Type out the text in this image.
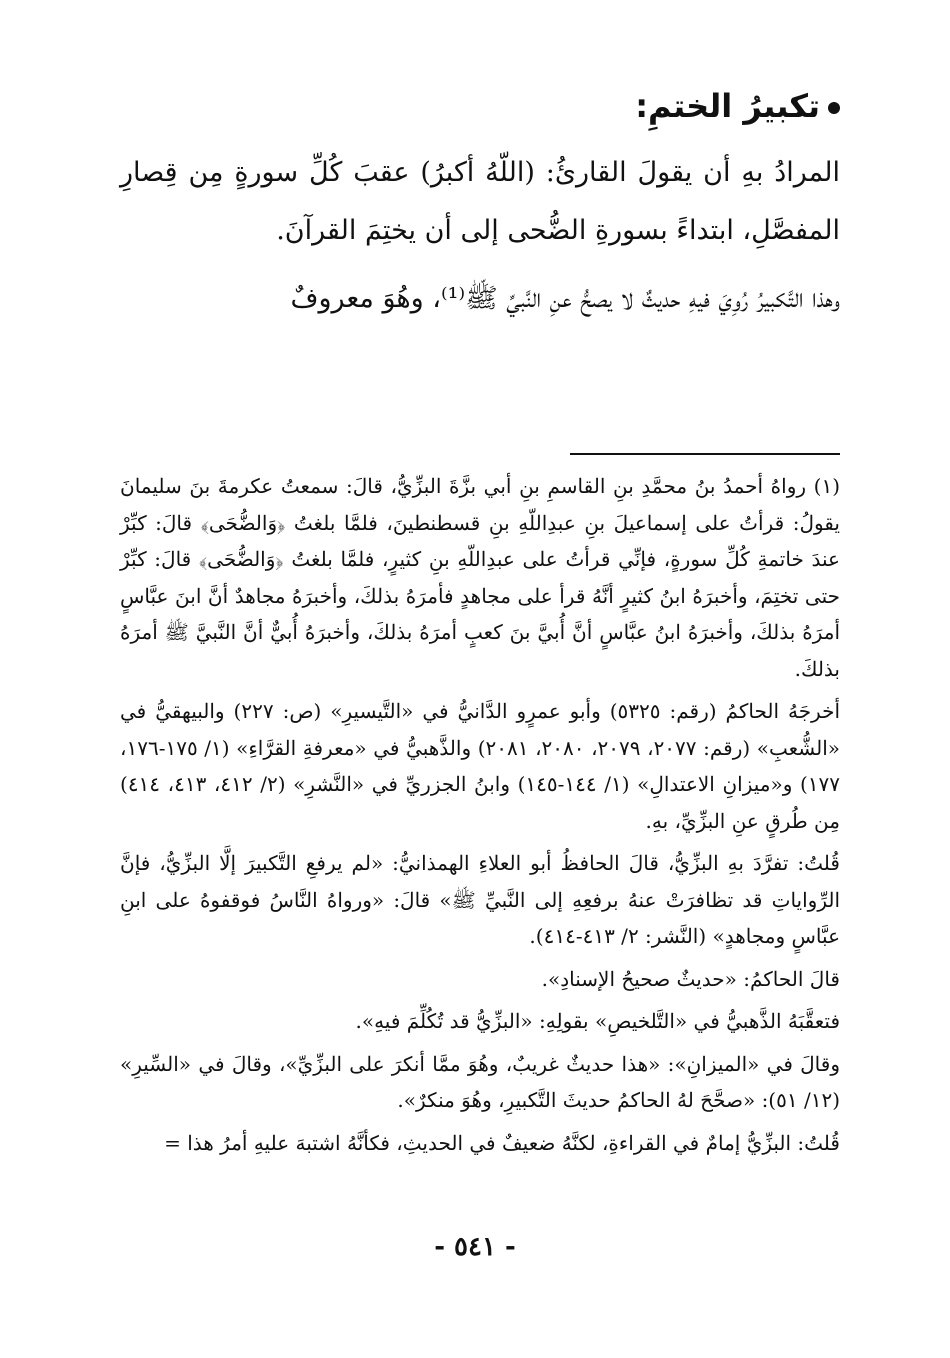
تكبيرُ الختمِ:

المرادُ بهِ أن يقولَ القارئُ: (اللّهُ أكبرُ) عقبَ كُلِّ سورةٍ مِن قِصارِ المفصَّلِ، ابتداءً بسورةِ الضُّحى إلى أن يختِمَ القرآنَ.

وهذا التَّكبيرُ رُوِيَ فيهِ حديثٌ لا يصحُّ عنِ النَّبيِّ ﷺ⁽¹⁾، وهُوَ معروفٌ

(١) رواهُ أحمدُ بنُ محمَّدِ بنِ القاسمِ بنِ أبي بزَّةَ البزِّيُّ، قالَ: سمعتُ عكرمةَ بنَ سليمانَ يقولُ: قرأتُ على إسماعيلَ بنِ عبدِاللّهِ بنِ قسطنطينَ، فلمَّا بلغتُ ﴿وَالضُّحَى﴾ قالَ: كبِّرْ عندَ خاتمةِ كُلِّ سورةٍ، فإنِّي قرأتُ على عبدِاللّهِ بنِ كثيرٍ، فلمَّا بلغتُ ﴿وَالضُّحَى﴾ قالَ: كبِّرْ حتى تختِمَ، وأخبرَهُ ابنُ كثيرٍ أنَّهُ قرأ على مجاهدٍ فأمرَهُ بذلكَ، وأخبرَهُ مجاهدٌ أنَّ ابنَ عبَّاسٍ أمرَهُ بذلكَ، وأخبرَهُ ابنُ عبَّاسٍ أنَّ أُبيَّ بنَ كعبٍ أمرَهُ بذلكَ، وأخبرَهُ أُبيٌّ أنَّ النَّبيَّ ﷺ أمرَهُ بذلكَ.

أخرجَهُ الحاكمُ (رقم: ٥٣٢٥) وأبو عمرٍو الدَّانيُّ في «التَّيسيرِ» (ص: ٢٢٧) والبيهقيُّ في «الشُّعبِ» (رقم: ٢٠٧٧، ٢٠٧٩، ٢٠٨٠، ٢٠٨١) والذَّهبيُّ في «معرفةِ القرَّاءِ» (١/ ١٧٥-١٧٦، ١٧٧) و«ميزانِ الاعتدالِ» (١/ ١٤٤-١٤٥) وابنُ الجزريِّ في «النَّشرِ» (٢/ ٤١٢، ٤١٣، ٤١٤) مِن طُرقٍ عنِ البزِّيِّ، بهِ.

قُلتُ: تفرَّدَ بهِ البزِّيُّ، قالَ الحافظُ أبو العلاءِ الهمذانيُّ: «لم يرفعِ التَّكبيرَ إلَّا البزِّيُّ، فإنَّ الرِّواياتِ قد تظافرَتْ عنهُ برفعِهِ إلى النَّبيِّ ﷺ» قالَ: «ورواهُ النَّاسُ فوقفوهُ على ابنِ عبَّاسٍ ومجاهدٍ» (النَّشر: ٢/ ٤١٣-٤١٤).

قالَ الحاكمُ: «حديثٌ صحيحُ الإسنادِ».

فتعقَّبَهُ الذَّهبيُّ في «التَّلخيصِ» بقولِهِ: «البزِّيُّ قد تُكُلِّمَ فيهِ».

وقالَ في «الميزانِ»: «هذا حديثٌ غريبٌ، وهُوَ ممَّا أنكرَ على البزِّيِّ»، وقالَ في «السِّيرِ» (١٢/ ٥١): «صحَّحَ لهُ الحاكمُ حديثَ التَّكبيرِ، وهُوَ منكرٌ».

قُلتُ: البزِّيُّ إمامٌ في القراءةِ، لكنَّهُ ضعيفٌ في الحديثِ، فكأنَّهُ اشتبهَ عليهِ أمرُ هذا =

- ٥٤١ -
